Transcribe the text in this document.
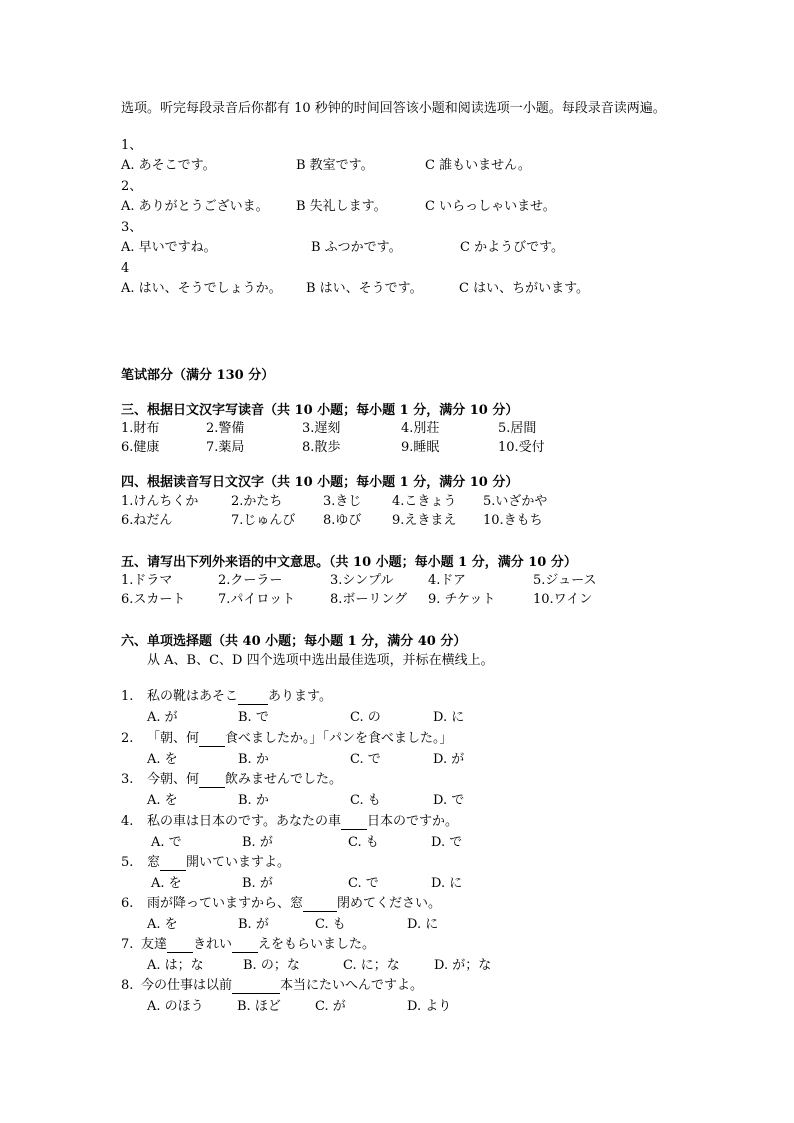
选项。听完每段录音后你都有 10 秒钟的时间回答该小题和阅读选项一小题。每段录音读两遍。
1、
A. あそこです。	B 教室です。	C 誰もいません。
2、
A. ありがとうございま。 B 失礼します。	C いらっしゃいませ。
3、
A. 早いですね。	B ふつかです。	C かようびです。
4
A. はい、そうでしょうか。 B はい、そうです。	C はい、ちがいます。
笔试部分（满分 130 分）
三、根据日文汉字写读音（共 10 小题；每小题 1 分，满分 10 分）
1.財布	2.警備	3.遅刻	4.別荘	5.居間
6.健康	7.薬局	8.散歩	9.睡眠	10.受付
四、根据读音写日文汉字（共 10 小题；每小题 1 分，满分 10 分）
1.けんちくか	2.かたち	3.きじ 4.こきょう 5.いざかや
6.ねだん	7.じゅんび 8.ゆび 9.えきまえ 10.きもち
五、请写出下列外来语的中文意思。（共 10 小题；每小题 1 分，满分 10 分）
1.ドラマ	2.クーラー	3.シンプル	4.ドア	5.ジュース
6.スカート	7.パイロット	8.ボーリング 9. チケット	10.ワイン
六、单项选择题（共 40 小题；每小题 1 分，满分 40 分）
从 A、B、C、D 四个选项中选出最佳选项，并标在横线上。
1. 私の靴はあそこ あります。
A. が	B. で	C. の	D. に
2. 「朝、何 食べましたか。」「パンを食べました。」
A. を	B. か	C. で	D. が
3. 今朝、何 飲みませんでした。
A. を	B. か	C. も	D. で
4. 私の車は日本のです。あなたの車 日本のですか。
A. で	B. が	C. も	D. で
5. 窓 開いていますよ。
A. を	B. が	C. で	D. に
6. 雨が降っていますから、窓	閉めてください。
A. を	B. が	C. も	D. に
7. 友達 きれい えをもらいました。
A. は；な	B. の；な	C. に；な	D. が；な
8. 今の仕事は以前	本当にたいへんですよ。
A. のほう	B. ほど	C. が	D. より
